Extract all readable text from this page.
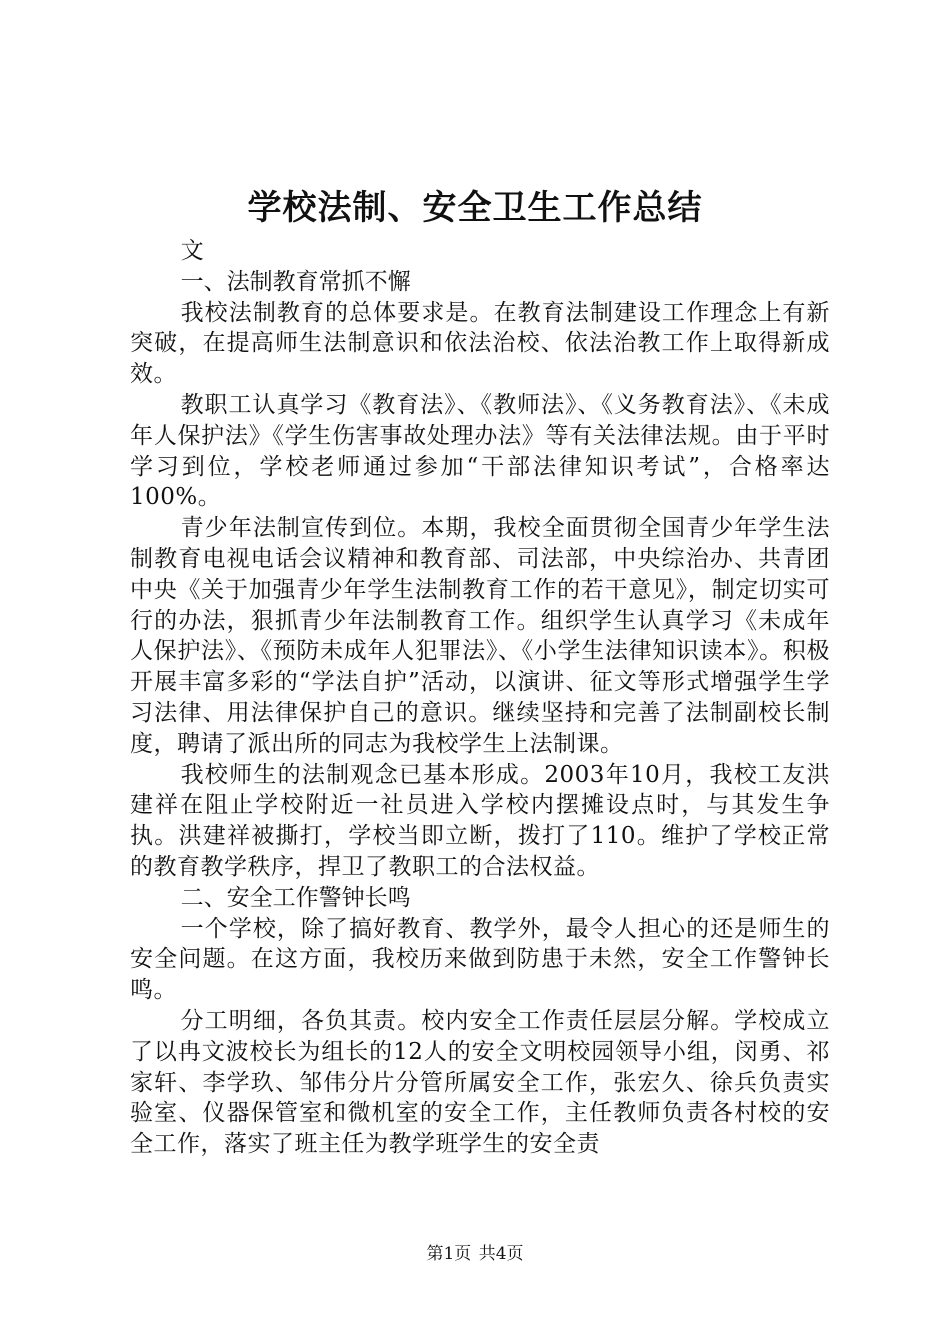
学校法制、安全卫生工作总结

文

一、法制教育常抓不懈

我校法制教育的总体要求是。在教育法制建设工作理念上有新突破，在提高师生法制意识和依法治校、依法治教工作上取得新成效。

教职工认真学习《教育法》、《教师法》、《义务教育法》、《未成年人保护法》《学生伤害事故处理办法》等有关法律法规。由于平时学习到位，学校老师通过参加“干部法律知识考试”，合格率达100%。

青少年法制宣传到位。本期，我校全面贯彻全国青少年学生法制教育电视电话会议精神和教育部、司法部，中央综治办、共青团中央《关于加强青少年学生法制教育工作的若干意见》，制定切实可行的办法，狠抓青少年法制教育工作。组织学生认真学习《未成年人保护法》、《预防未成年人犯罪法》、《小学生法律知识读本》。积极开展丰富多彩的“学法自护”活动，以演讲、征文等形式增强学生学习法律、用法律保护自己的意识。继续坚持和完善了法制副校长制度，聘请了派出所的同志为我校学生上法制课。

我校师生的法制观念已基本形成。2003年10月，我校工友洪建祥在阻止学校附近一社员进入学校内摆摊设点时，与其发生争执。洪建祥被撕打，学校当即立断，拨打了110。维护了学校正常的教育教学秩序，捍卫了教职工的合法权益。

二、安全工作警钟长鸣

一个学校，除了搞好教育、教学外，最令人担心的还是师生的安全问题。在这方面，我校历来做到防患于未然，安全工作警钟长鸣。

分工明细，各负其责。校内安全工作责任层层分解。学校成立了以冉文波校长为组长的12人的安全文明校园领导小组，闵勇、祁家轩、李学玖、邹伟分片分管所属安全工作，张宏久、徐兵负责实验室、仪器保管室和微机室的安全工作，主任教师负责各村校的安全工作，落实了班主任为教学班学生的安全责

第1页 共4页
